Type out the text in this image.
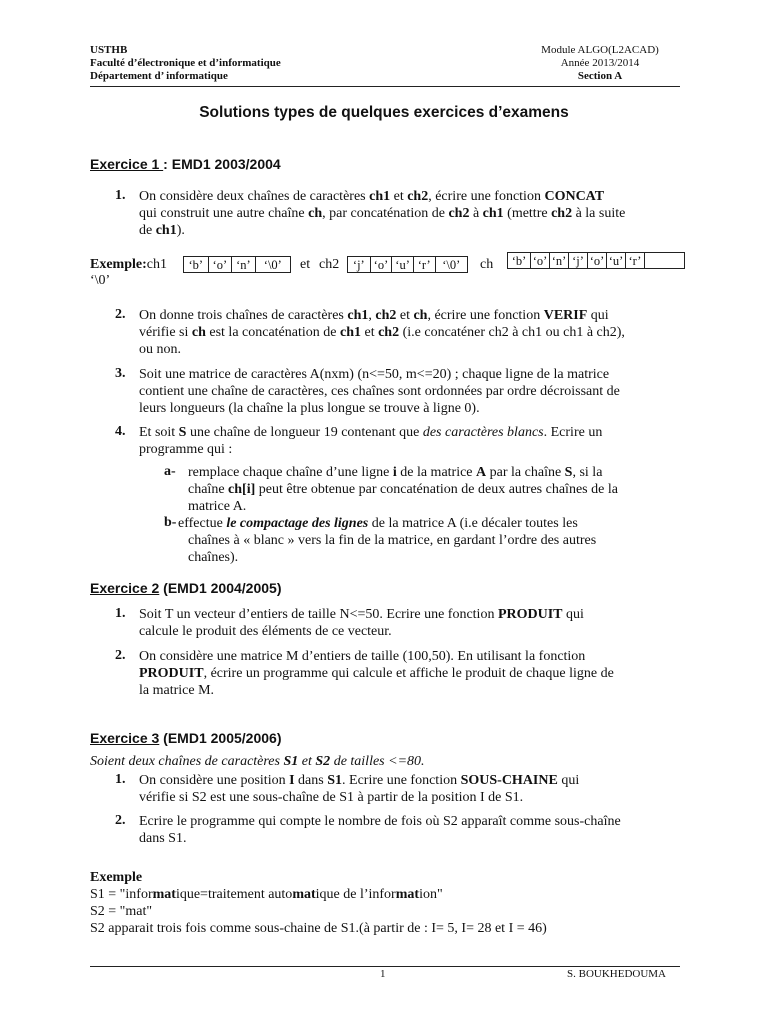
USTHB
Faculté d’électronique et d’informatique
Département d’ informatique
Module ALGO(L2ACAD)
Année 2013/2014
Section A
Solutions types de quelques exercices d’examens
Exercice 1 : EMD1 2003/2004
1. On considère deux chaînes de caractères ch1 et ch2, écrire une fonction CONCAT
qui construit une autre chaîne ch, par concaténation de ch2 à ch1 (mettre ch2 à la suite
de ch1).
Exemple:ch1	‘b’ ‘o’ ‘n’	‘\0’	et ch2	‘j’ ‘o’ ‘u’ ‘r’ ‘\0’	ch ‘b’ ‘o’ ‘n’ ‘j’ ‘o’ ‘u’ ‘r’
‘\0’
2. On donne trois chaînes de caractères ch1, ch2 et ch, écrire une fonction VERIF qui
vérifie si ch est la concaténation de ch1 et ch2 (i.e concaténer ch2 à ch1 ou ch1 à ch2),
ou non.
3. Soit une matrice de caractères A(nxm) (n<=50, m<=20) ; chaque ligne de la matrice
contient une chaîne de caractères, ces chaînes sont ordonnées par ordre décroissant de
leurs longueurs (la chaîne la plus longue se trouve à ligne 0).
4. Et soit S une chaîne de longueur 19 contenant que des caractères blancs. Ecrire un
programme qui :
a- remplace chaque chaîne d’une ligne i de la matrice A par la chaîne S, si la
chaîne ch[i] peut être obtenue par concaténation de deux autres chaînes de la
matrice A.
b- effectue le compactage des lignes de la matrice A (i.e décaler toutes les
chaînes à « blanc » vers la fin de la matrice, en gardant l’ordre des autres
chaînes).
Exercice 2 (EMD1 2004/2005)
1. Soit T un vecteur d’entiers de taille N<=50. Ecrire une fonction PRODUIT qui
calcule le produit des éléments de ce vecteur.
2. On considère une matrice M d’entiers de taille (100,50). En utilisant la fonction
PRODUIT, écrire un programme qui calcule et affiche le produit de chaque ligne de
la matrice M.
Exercice 3 (EMD1 2005/2006)
Soient deux chaînes de caractères S1 et S2 de tailles <=80.
1. On considère une position I dans S1. Ecrire une fonction SOUS-CHAINE qui
vérifie si S2 est une sous-chaîne de S1 à partir de la position I de S1.
2. Ecrire le programme qui compte le nombre de fois où S2 apparaît comme sous-chaîne
dans S1.
Exemple
S1 = "informatique=traitement automatique de l’information"
S2 = "mat"
S2 apparait trois fois comme sous-chaine de S1.(à partir de : I= 5, I= 28 et I = 46)
1	S. BOUKHEDOUMA
